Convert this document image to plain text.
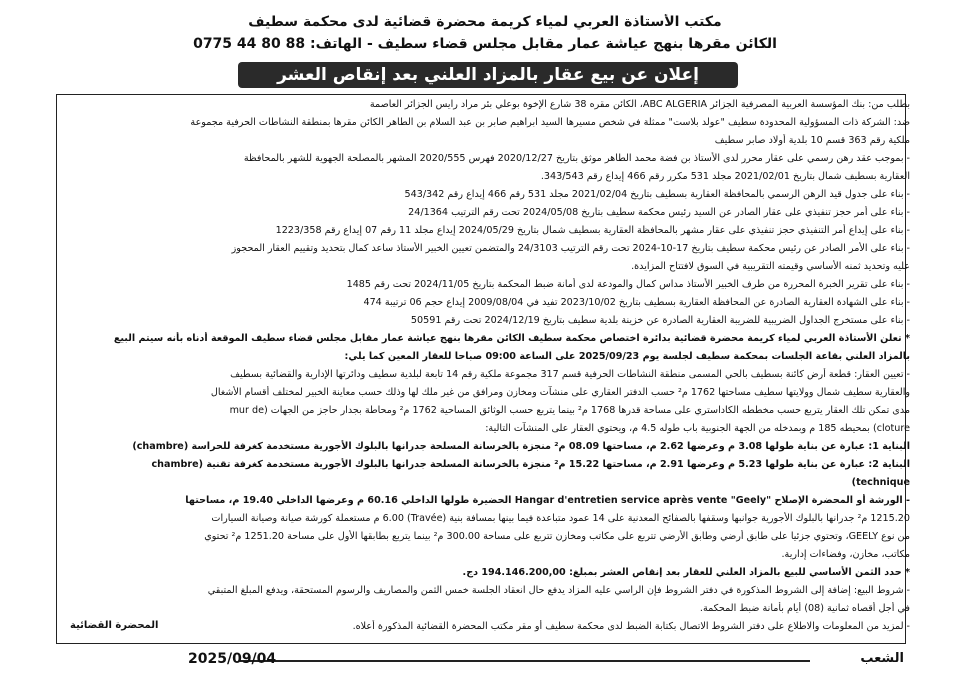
مكتب الأستاذة العربي لمياء كريمة محضرة قضائية لدى محكمة سطيف
الكائن مقرها بنهج عياشة عمار مقابل مجلس قضاء سطيف - الهاتف: 88 80 44 0775
إعلان عن بيع عقار بالمزاد العلني بعد إنقاص العشر
بطلب من: بنك المؤسسة العربية المصرفية الجزائر ABC ALGERIA، الكائن مقره 38 شارع الإخوة بوعلي بئر مراد رايس الجزائر العاصمة
ضد: الشركة ذات المسؤولية المحدودة سطيف "عولد بلاست" ممثلة في شخص مسيرها السيد ابراهيم صابر بن عبد السلام بن الطاهر الكائن مقرها بمنطقة النشاطات الحرفية مجموعة
ملكية رقم 363 قسم 10 بلدية أولاد صابر سطيف
- بموجب عقد رهن رسمي على عقار محرر لدى الأستاذ بن فضة محمد الطاهر موثق بتاريخ 2020/12/27 فهرس 2020/555 المشهر بالمصلحة الجهوية للشهر بالمحافظة
العقارية بسطيف شمال بتاريخ 2021/02/01 مجلد 531 مكرر رقم 466 إيداع رقم 343/543.
- بناء على جدول قيد الرهن الرسمي بالمحافظة العقارية بسطيف بتاريخ 2021/02/04 مجلد 531 رقم 466 إيداع رقم 543/342
- بناء على أمر حجز تنفيذي على عقار الصادر عن السيد رئيس محكمة سطيف بتاريخ 2024/05/08 تحت رقم الترتيب 24/1364
- بناء على إيداع أمر التنفيذي حجز تنفيذي على عقار مشهر بالمحافظة العقارية بسطيف شمال بتاريخ 2024/05/29 إيداع مجلد 11 رقم 07 إيداع رقم 1223/358
- بناء على الأمر الصادر عن رئيس محكمة سطيف بتاريخ 17-10-2024 تحت رقم الترتيب 24/3103 والمتضمن تعيين الخبير الأستاذ ساعد كمال بتحديد وتقييم العقار المحجوز
عليه وتحديد ثمنه الأساسي وقيمته التقريبية في السوق لافتتاح المزايدة.
- بناء على تقرير الخبرة المحررة من طرف الخبير الأستاذ مداس كمال والمودعة لدى أمانة ضبط المحكمة بتاريخ 2024/11/05 تحت رقم 1485
- بناء على الشهادة العقارية الصادرة عن المحافظة العقارية بسطيف بتاريخ 2023/10/02 تفيد في 2009/08/04 إيداع حجم 06 ترتيبة 474
- بناء على مستخرج الجداول الضريبية للضريبة العقارية الصادرة عن خزينة بلدية سطيف بتاريخ 2024/12/19 تحت رقم 50591
* تعلن الأستاذة العربي لمياء كريمة محضرة قضائية بدائرة اختصاص محكمة سطيف الكائن مقرها بنهج عياشة عمار مقابل مجلس قضاء سطيف الموقعة أدناه بأنه سيتم البيع
بالمزاد العلني بقاعة الجلسات بمحكمة سطيف لجلسة يوم 2025/09/23 على الساعة 09:00 صباحا للعقار المعين كما يلي:
- تعيين العقار: قطعة أرض كائنة بسطيف بالحي المسمى منطقة النشاطات الحرفية قسم 317 مجموعة ملكية رقم 14 تابعة لبلدية سطيف ودائرتها الإدارية والقضائية بسطيف
والعقارية سطيف شمال وولايتها سطيف مساحتها 1762 م² حسب الدفتر العقاري على منشآت ومخازن ومرافق من غير ملك لها وذلك حسب معاينة الخبير لمختلف أقسام الأشغال
مدى تمكن تلك العقار يتربع حسب مخططه الكاداستري على مساحة قدرها 1768 م² بينما يتربع حسب الوثائق المساحية 1762 م² ومحاطة بجدار حاجز من الجهات (mur de
cloture) بمحيطه 185 م وبمدخله من الجهة الجنوبية باب طوله 4.5 م، ويحتوي العقار على المنشآت التالية:
البناية 1: عبارة عن بناية طولها 3.08 م وعرضها 2.62 م، مساحتها 08.09 م² منجزة بالخرسانة المسلحة جدرانها بالبلوك الأجورية مستخدمة كغرفة للحراسة (chambre)
البناية 2: عبارة عن بناية طولها 5.23 م وعرضها 2.91 م، مساحتها 15.22 م² منجزة بالخرسانة المسلحة جدرانها بالبلوك الأجورية مستخدمة كغرفة تقنية (chambre
technique)
- الورشة أو المحضرة الإصلاح "Hangar d'entretien service après vente "Geely الحضيرة طولها الداخلي 60.16 م وعرضها الداخلي 19.40 م، مساحتها
1215.20 م² جدرانها بالبلوك الأجورية جوانبها وسقفها بالصفائح المعدنية على 14 عمود متباعدة فيما بينها بمسافة بنية (Travée) 6.00 م مستعملة كورشة صيانة وصيانة السيارات
من نوع GEELY، وتحتوي جزئيا على طابق أرضي وطابق الأرضي تتربع على مكاتب ومخازن تتربع على مساحة 300.00 م² بينما يتربع بطابقها الأول على مساحة 1251.20 م² تحتوي
مكاتب، مخازن، وفضاءات إدارية.
* حدد الثمن الأساسي للبيع بالمزاد العلني للعقار بعد إنقاص العشر بمبلغ: 194.146.200,00 دج.
- شروط البيع: إضافة إلى الشروط المذكورة في دفتر الشروط فإن الراسي عليه المزاد يدفع حال انعقاد الجلسة خمس الثمن والمصاريف والرسوم المستحقة، ويدفع المبلغ المتبقي
في أجل أقصاه ثمانية (08) أيام بأمانة ضبط المحكمة.
- لمزيد من المعلومات والاطلاع على دفتر الشروط الاتصال بكتابة الضبط لدى محكمة سطيف أو مقر مكتب المحضرة القضائية المذكورة أعلاه.
المحضرة القضائية
الشعب
2025/09/04
